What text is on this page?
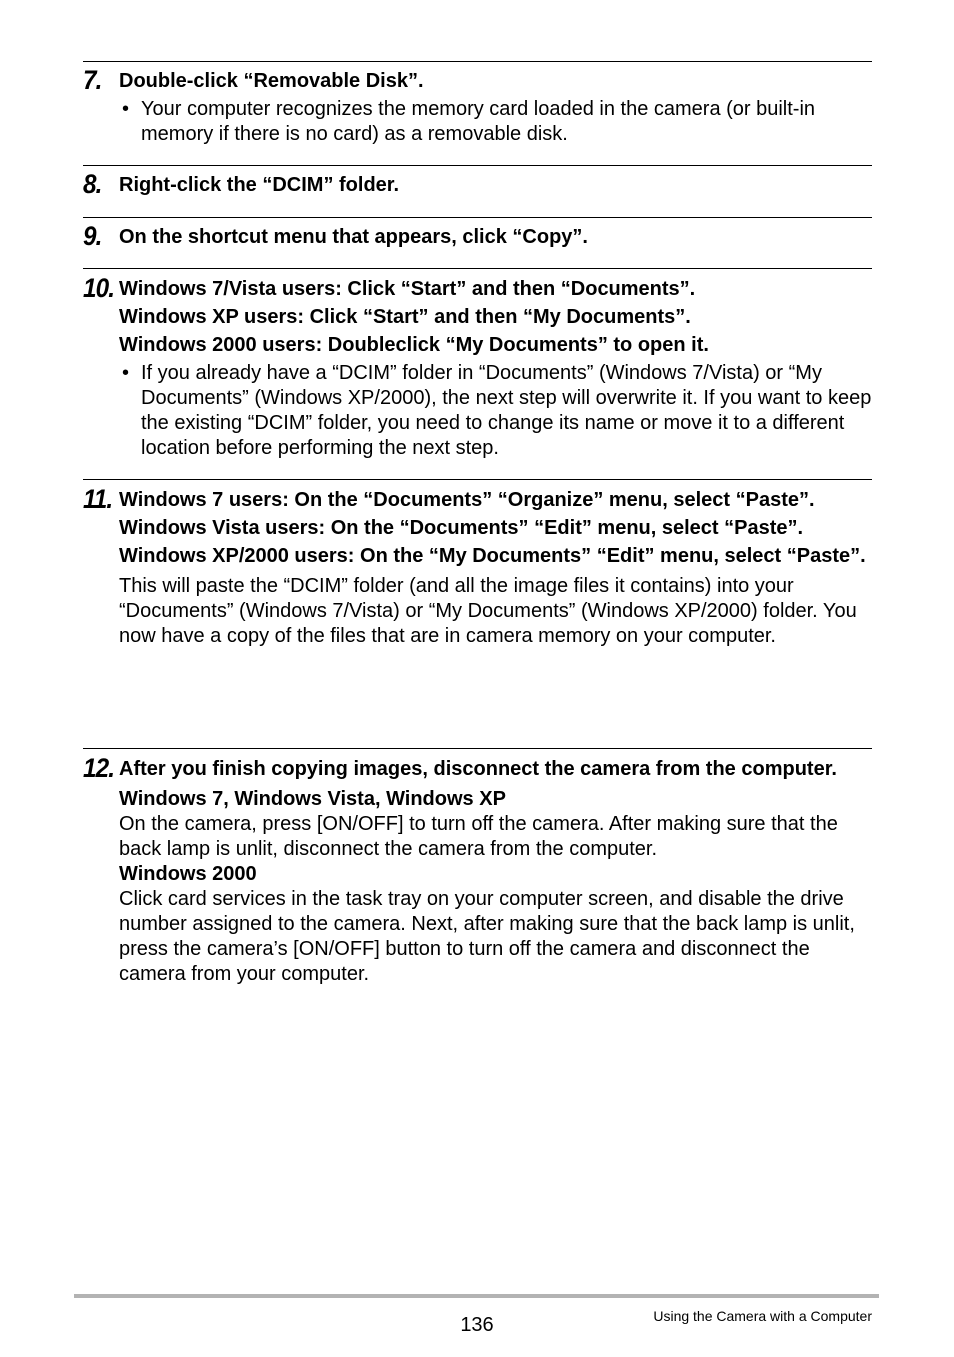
7. Double-click “Removable Disk”.

• Your computer recognizes the memory card loaded in the camera (or built-in memory if there is no card) as a removable disk.

8. Right-click the “DCIM” folder.

9. On the shortcut menu that appears, click “Copy”.

10. Windows 7/Vista users: Click “Start” and then “Documents”.

Windows XP users: Click “Start” and then “My Documents”.

Windows 2000 users: Doubleclick “My Documents” to open it.

• If you already have a “DCIM” folder in “Documents” (Windows 7/Vista) or “My Documents” (Windows XP/2000), the next step will overwrite it. If you want to keep the existing “DCIM” folder, you need to change its name or move it to a different location before performing the next step.

11. Windows 7 users: On the “Documents” “Organize” menu, select “Paste”.

Windows Vista users: On the “Documents” “Edit” menu, select “Paste”.

Windows XP/2000 users: On the “My Documents” “Edit” menu, select “Paste”.

This will paste the “DCIM” folder (and all the image files it contains) into your “Documents” (Windows 7/Vista) or “My Documents” (Windows XP/2000) folder. You now have a copy of the files that are in camera memory on your computer.

12. After you finish copying images, disconnect the camera from the computer.

Windows 7, Windows Vista, Windows XP

On the camera, press [ON/OFF] to turn off the camera. After making sure that the back lamp is unlit, disconnect the camera from the computer.

Windows 2000

Click card services in the task tray on your computer screen, and disable the drive number assigned to the camera. Next, after making sure that the back lamp is unlit, press the camera’s [ON/OFF] button to turn off the camera and disconnect the camera from your computer.

136	Using the Camera with a Computer
